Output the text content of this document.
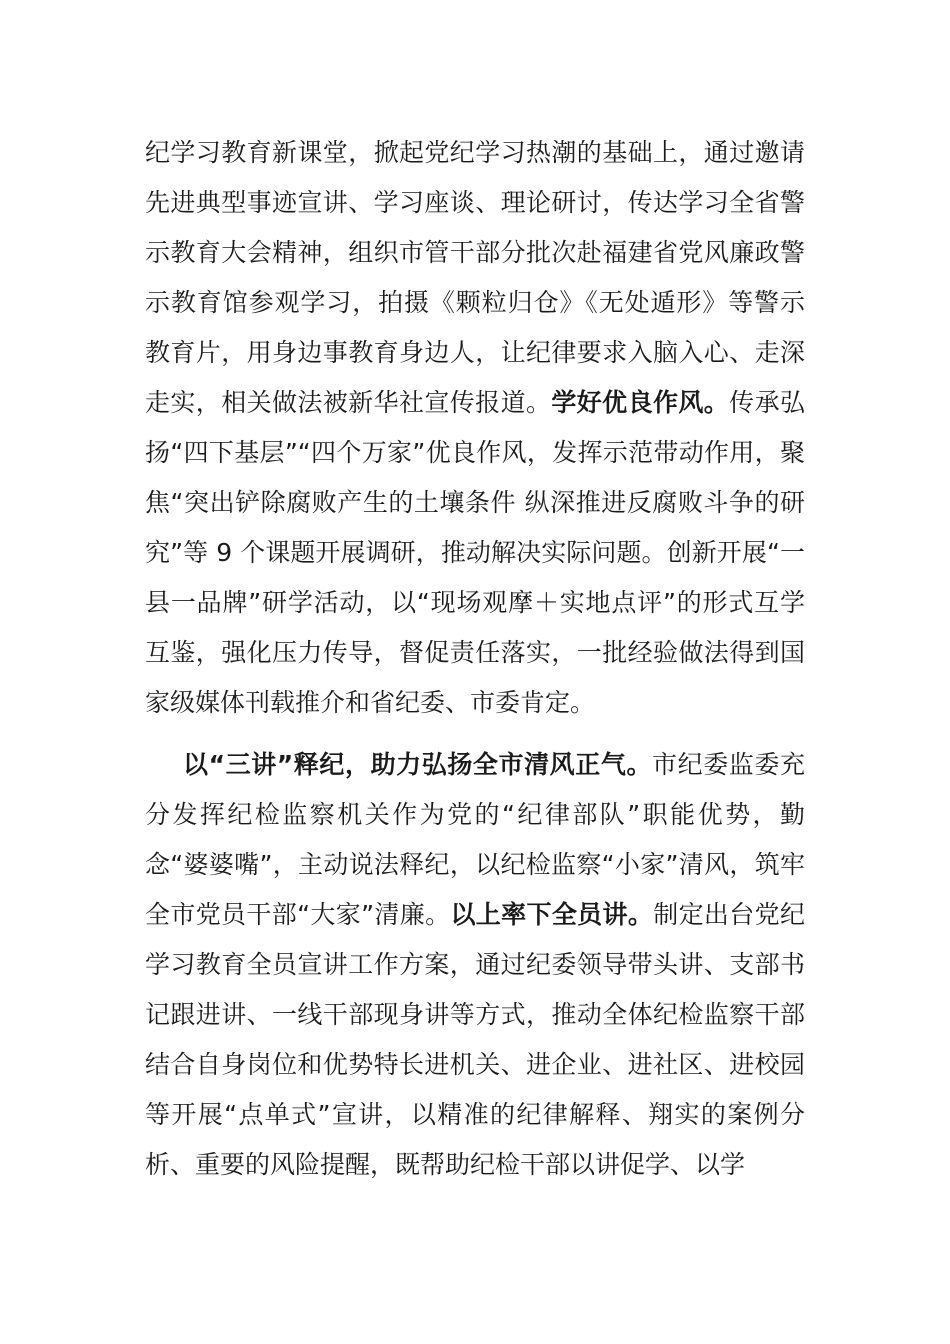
纪学习教育新课堂，掀起党纪学习热潮的基础上，通过邀请先进典型事迹宣讲、学习座谈、理论研讨，传达学习全省警示教育大会精神，组织市管干部分批次赴福建省党风廉政警示教育馆参观学习，拍摄《颗粒归仓》《无处遁形》等警示教育片，用身边事教育身边人，让纪律要求入脑入心、走深走实，相关做法被新华社宣传报道。学好优良作风。传承弘扬“四下基层”“四个万家”优良作风，发挥示范带动作用，聚焦“突出铲除腐败产生的土壤条件 纵深推进反腐败斗争的研究”等 9 个课题开展调研，推动解决实际问题。创新开展“一县一品牌”研学活动，以“现场观摩＋实地点评”的形式互学互鉴，强化压力传导，督促责任落实，一批经验做法得到国家级媒体刊载推介和省纪委、市委肯定。

以“三讲”释纪，助力弘扬全市清风正气。市纪委监委充分发挥纪检监察机关作为党的“纪律部队”职能优势，勤念“婆婆嘴”，主动说法释纪，以纪检监察“小家”清风，筑牢全市党员干部“大家”清廉。以上率下全员讲。制定出台党纪学习教育全员宣讲工作方案，通过纪委领导带头讲、支部书记跟进讲、一线干部现身讲等方式，推动全体纪检监察干部结合自身岗位和优势特长进机关、进企业、进社区、进校园等开展“点单式”宣讲，以精准的纪律解释、翔实的案例分析、重要的风险提醒，既帮助纪检干部以讲促学、以学
